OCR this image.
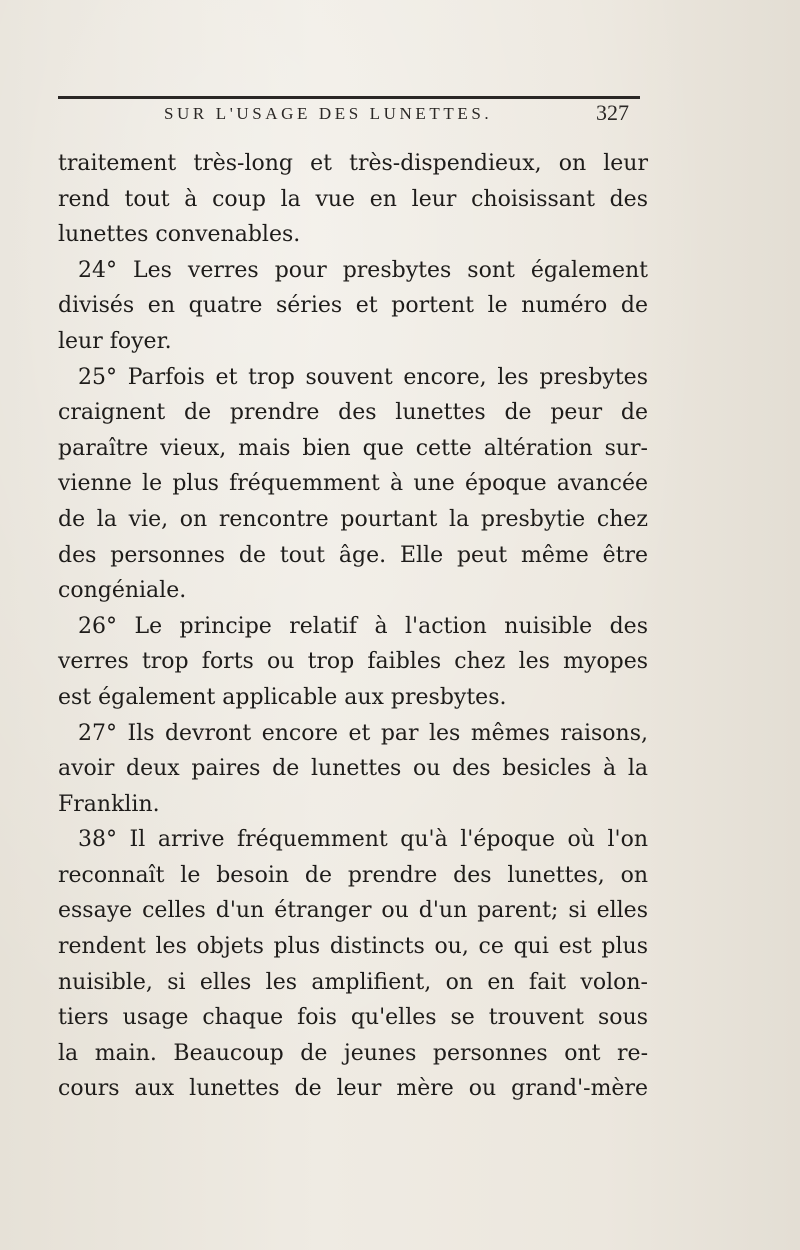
SUR L'USAGE DES LUNETTES.	327
traitement très-long et très-dispendieux, on leur
rend tout à coup la vue en leur choisissant des
lunettes convenables.
24° Les verres pour presbytes sont également
divisés en quatre séries et portent le numéro de
leur foyer.
25° Parfois et trop souvent encore, les presbytes
craignent de prendre des lunettes de peur de
paraître vieux, mais bien que cette altération sur-
vienne le plus fréquemment à une époque avancée
de la vie, on rencontre pourtant la presbytie chez
des personnes de tout âge. Elle peut même être
congéniale.
26° Le principe relatif à l'action nuisible des
verres trop forts ou trop faibles chez les myopes
est également applicable aux presbytes.
27° Ils devront encore et par les mêmes raisons,
avoir deux paires de lunettes ou des besicles à la
Franklin.
38° Il arrive fréquemment qu'à l'époque où l'on
reconnaît le besoin de prendre des lunettes, on
essaye celles d'un étranger ou d'un parent; si elles
rendent les objets plus distincts ou, ce qui est plus
nuisible, si elles les amplifient, on en fait volon-
tiers usage chaque fois qu'elles se trouvent sous
la main. Beaucoup de jeunes personnes ont re-
cours aux lunettes de leur mère ou grand'-mère
